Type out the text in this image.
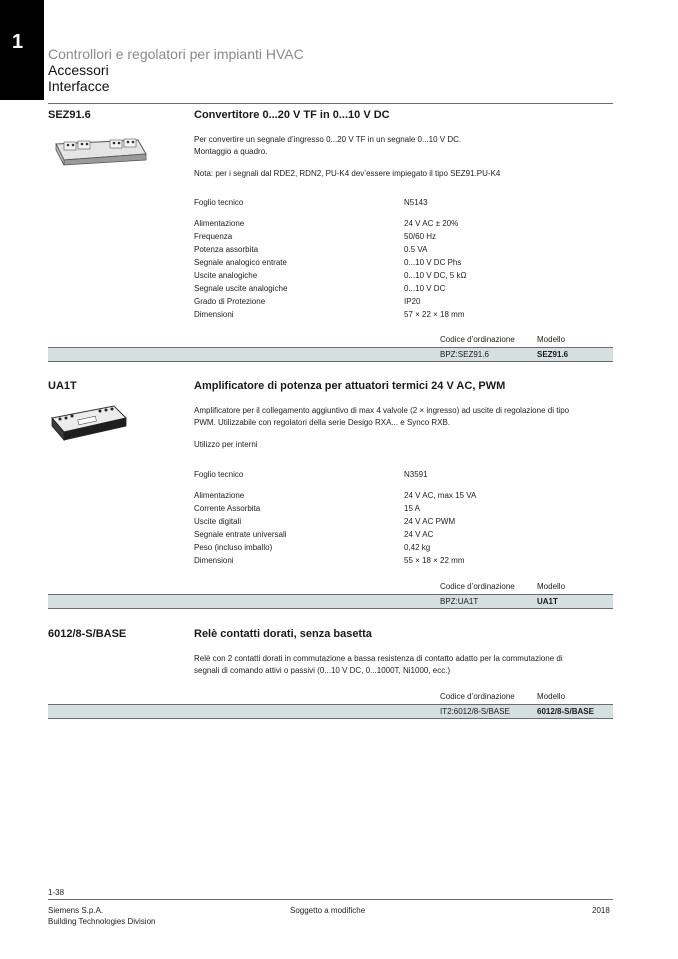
1
Controllori e regolatori per impianti HVAC
Accessori
Interfacce
SEZ91.6	Convertitore 0...20 V TF in 0...10 V DC
Per convertire un segnale d’ingresso 0...20 V TF in un segnale 0...10 V DC.
Montaggio a quadro.
Nota: per i segnali dal RDE2, RDN2, PU-K4 dev’essere impiegato il tipo SEZ91.PU-K4
Foglio tecnico	N5143
Alimentazione	24 V AC ± 20%
Frequenza	50/60 Hz
Potenza assorbita	0.5 VA
Segnale analogico entrate	0...10 V DC Phs
Uscite analogiche	0...10 V DC, 5 kΩ
Segnale uscite analogiche	0...10 V DC
Grado di Protezione	IP20
Dimensioni	57 × 22 × 18 mm
Codice d’ordinazione	Modello
BPZ:SEZ91.6	SEZ91.6
UA1T	Amplificatore di potenza per attuatori termici 24 V AC, PWM
Amplificatore per il collegamento aggiuntivo di max 4 valvole (2 × ingresso) ad uscite di regolazione di tipo
PWM. Utilizzabile con regolatori della serie Desigo RXA... e Synco RXB.
Utilizzo per interni
Foglio tecnico	N3591
Alimentazione	24 V AC, max 15 VA
Corrente Assorbita	15 A
Uscite digitali	24 V AC PWM
Segnale entrate universali	24 V AC
Peso (incluso imballo)	0,42 kg
Dimensioni	55 × 18 × 22 mm
Codice d’ordinazione	Modello
BPZ:UA1T	UA1T
6012/8-S/BASE	Relè contatti dorati, senza basetta
Relè con 2 contatti dorati in commutazione a bassa resistenza di contatto adatto per la commutazione di
segnali di comando attivi o passivi (0...10 V DC, 0...1000T, Ni1000, ecc.)
Codice d’ordinazione	Modello
IT2:6012/8-S/BASE	6012/8-S/BASE
1-38
Siemens S.p.A.
Building Technologies Division
Soggetto a modifiche	2018
